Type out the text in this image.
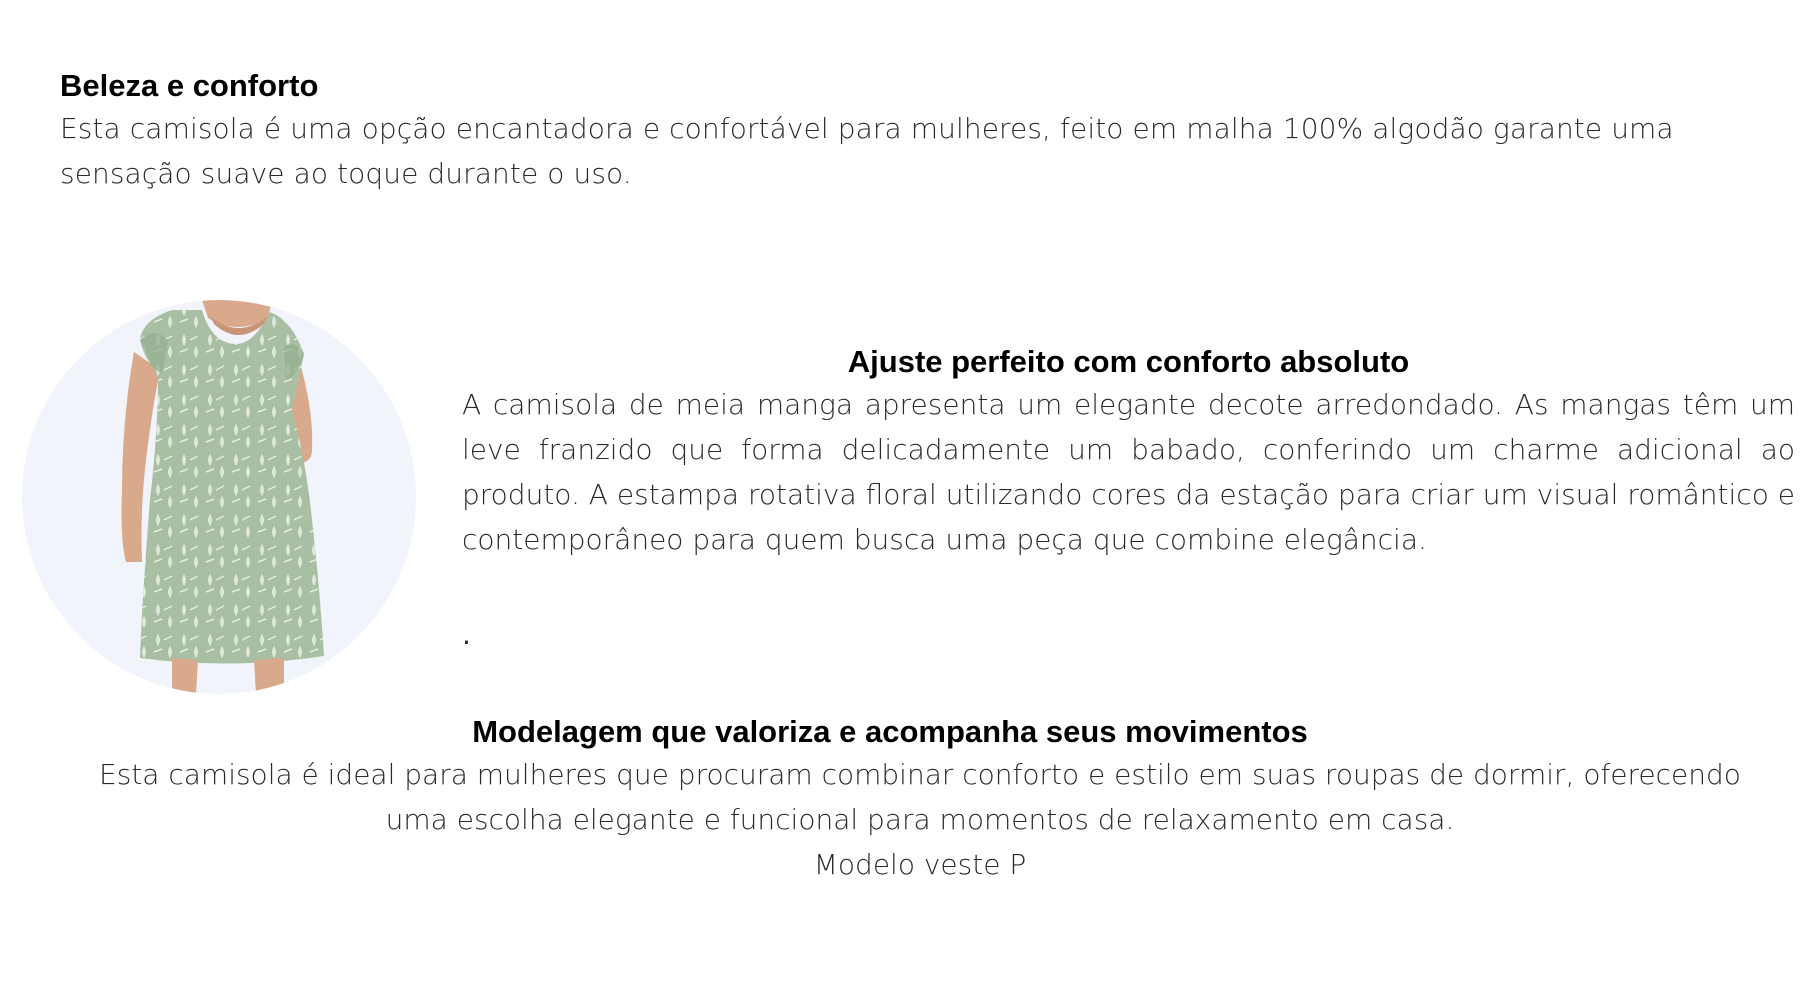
Beleza e conforto

Esta camisola é uma opção encantadora e confortável para mulheres, feito em malha 100% algodão garante uma

sensação suave ao toque durante o uso.

Ajuste perfeito com conforto absoluto

A camisola de meia manga apresenta um elegante decote arredondado. As mangas têm um leve franzido que forma delicadamente um babado, conferindo um charme adicional ao produto. A estampa rotativa floral utilizando cores da estação para criar um visual romântico e contemporâneo para quem busca uma peça que combine elegância.

.
Modelagem que valoriza e acompanha seus movimentos

Esta camisola é ideal para mulheres que procuram combinar conforto e estilo em suas roupas de dormir, oferecendo

uma escolha elegante e funcional para momentos de relaxamento em casa.

Modelo veste P
